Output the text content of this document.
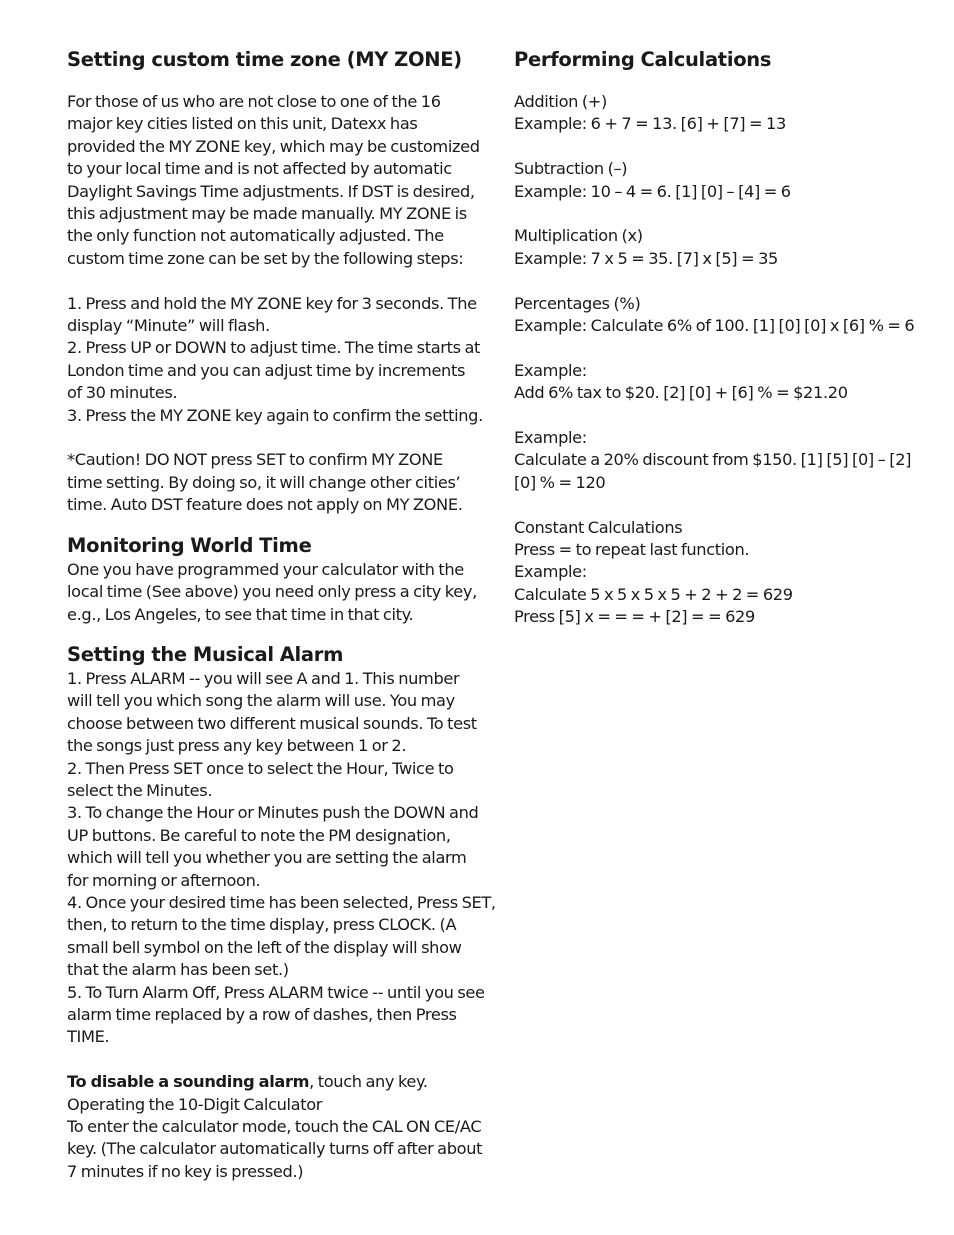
Setting custom time zone (MY ZONE)

For those of us who are not close to one of the 16
major key cities listed on this unit, Datexx has
provided the MY ZONE key, which may be customized
to your local time and is not affected by automatic
Daylight Savings Time adjustments. If DST is desired,
this adjustment may be made manually. MY ZONE is
the only function not automatically adjusted. The
custom time zone can be set by the following steps:

1. Press and hold the MY ZONE key for 3 seconds. The
display “Minute” will flash.

2. Press UP or DOWN to adjust time. The time starts at
London time and you can adjust time by increments
of 30 minutes.

3. Press the MY ZONE key again to confirm the setting.

*Caution! DO NOT press SET to confirm MY ZONE
time setting. By doing so, it will change other cities’
time. Auto DST feature does not apply on MY ZONE.

Monitoring World Time

One you have programmed your calculator with the
local time (See above) you need only press a city key,
e.g., Los Angeles, to see that time in that city.

Setting the Musical Alarm

1. Press ALARM -- you will see A and 1. This number
will tell you which song the alarm will use. You may
choose between two different musical sounds. To test
the songs just press any key between 1 or 2.

2. Then Press SET once to select the Hour, Twice to
select the Minutes.

3. To change the Hour or Minutes push the DOWN and
UP buttons. Be careful to note the PM designation,
which will tell you whether you are setting the alarm
for morning or afternoon.

4. Once your desired time has been selected, Press SET,
then, to return to the time display, press CLOCK. (A
small bell symbol on the left of the display will show
that the alarm has been set.)

5. To Turn Alarm Off, Press ALARM twice -- until you see
alarm time replaced by a row of dashes, then Press
TIME.

To disable a sounding alarm, touch any key.

Operating the 10-Digit Calculator

To enter the calculator mode, touch the CAL ON CE/AC
key. (The calculator automatically turns off after about
7 minutes if no key is pressed.)

Performing Calculations

Addition (+)
Example: 6 + 7 = 13. [6] + [7] = 13

Subtraction (–)
Example: 10 – 4 = 6. [1] [0] – [4] = 6

Multiplication (x)
Example: 7 x 5 = 35. [7] x [5] = 35

Percentages (%)
Example: Calculate 6% of 100. [1] [0] [0] x [6] % = 6

Example:
Add 6% tax to $20. [2] [0] + [6] % = $21.20

Example:
Calculate a 20% discount from $150. [1] [5] [0] – [2]
[0] % = 120

Constant Calculations
Press = to repeat last function.
Example:
Calculate 5 x 5 x 5 x 5 + 2 + 2 = 629
Press [5] x = = = + [2] = = 629
